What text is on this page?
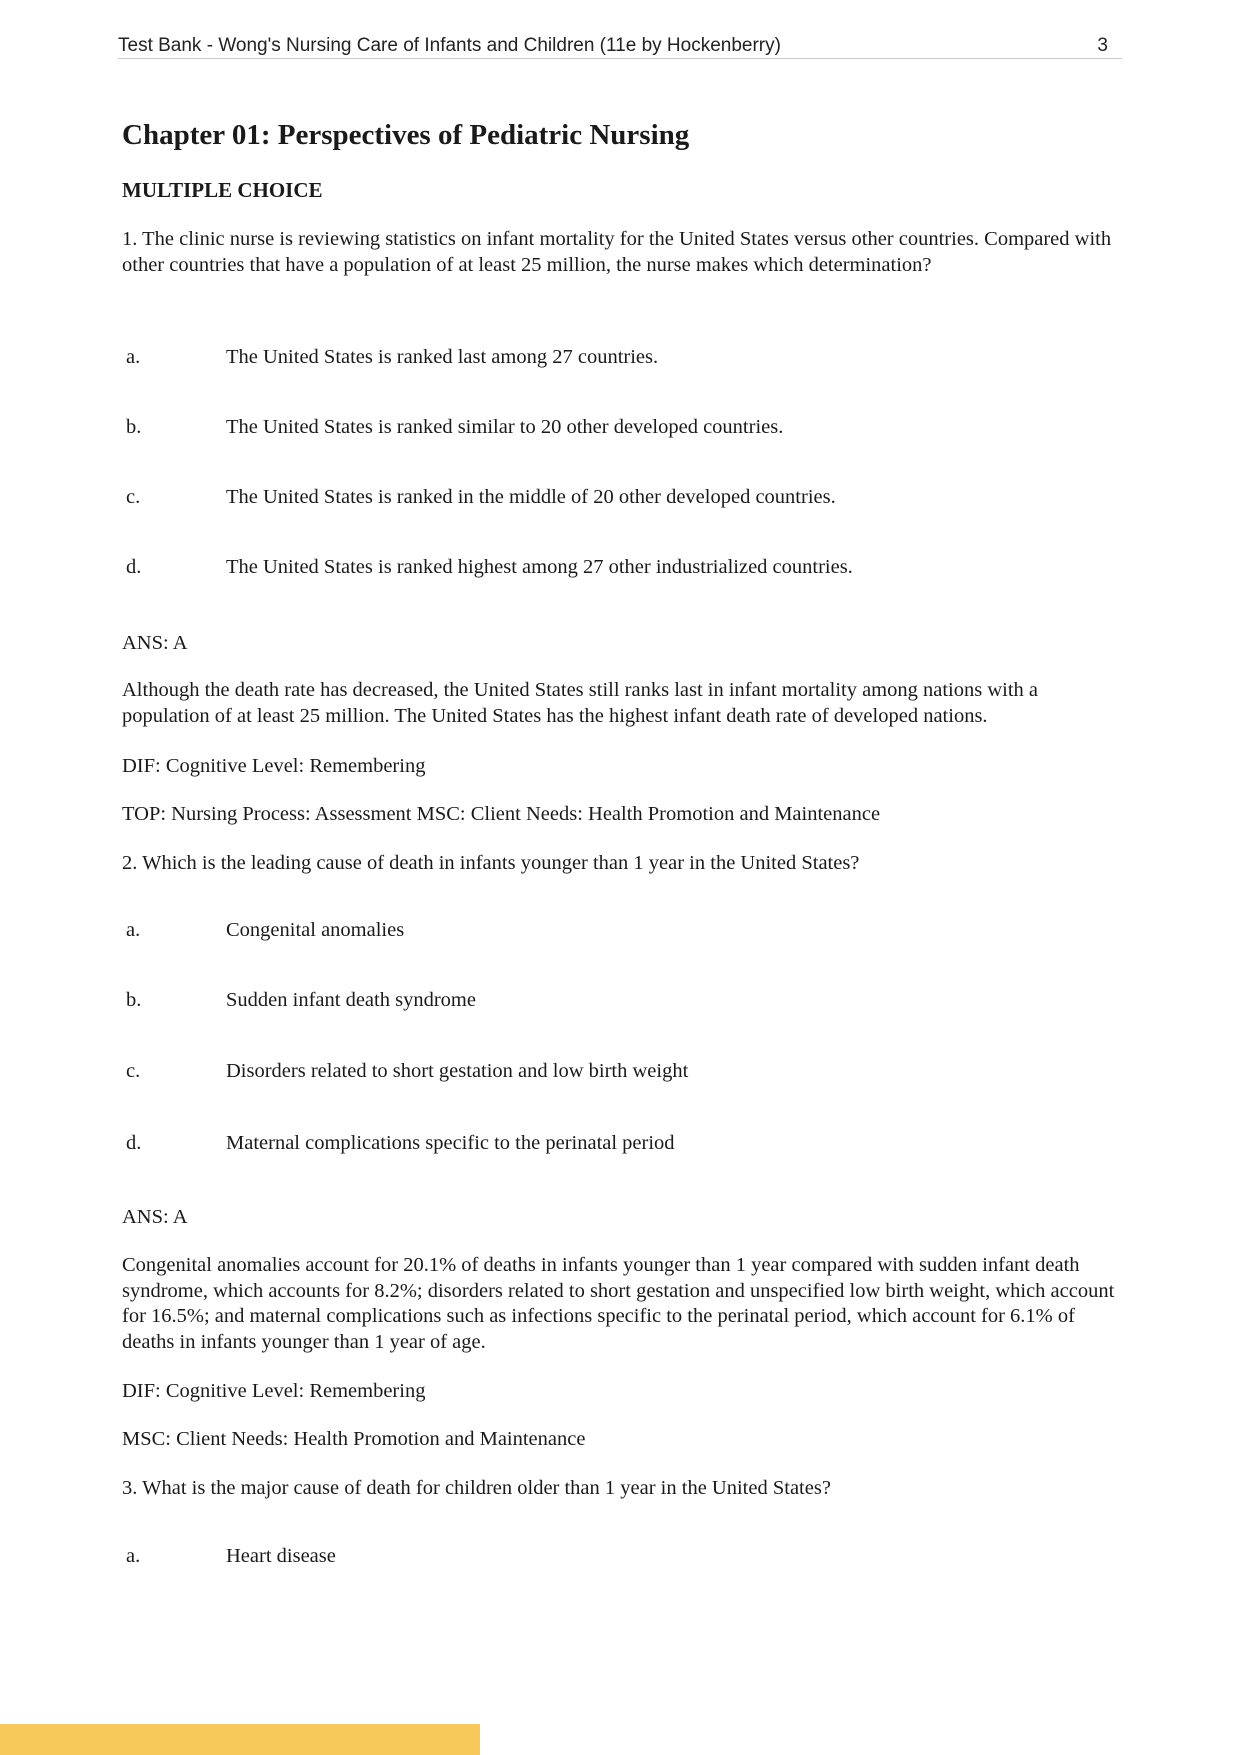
Test Bank - Wong's Nursing Care of Infants and Children (11e by Hockenberry)	3
Chapter 01: Perspectives of Pediatric Nursing
MULTIPLE CHOICE
1. The clinic nurse is reviewing statistics on infant mortality for the United States versus other countries. Compared with other countries that have a population of at least 25 million, the nurse makes which determination?
a.	The United States is ranked last among 27 countries.
b.	The United States is ranked similar to 20 other developed countries.
c.	The United States is ranked in the middle of 20 other developed countries.
d.	The United States is ranked highest among 27 other industrialized countries.
ANS: A
Although the death rate has decreased, the United States still ranks last in infant mortality among nations with a population of at least 25 million. The United States has the highest infant death rate of developed nations.
DIF: Cognitive Level: Remembering
TOP: Nursing Process: Assessment MSC: Client Needs: Health Promotion and Maintenance
2. Which is the leading cause of death in infants younger than 1 year in the United States?
a.	Congenital anomalies
b.	Sudden infant death syndrome
c.	Disorders related to short gestation and low birth weight
d.	Maternal complications specific to the perinatal period
ANS: A
Congenital anomalies account for 20.1% of deaths in infants younger than 1 year compared with sudden infant death syndrome, which accounts for 8.2%; disorders related to short gestation and unspecified low birth weight, which account for 16.5%; and maternal complications such as infections specific to the perinatal period, which account for 6.1% of deaths in infants younger than 1 year of age.
DIF: Cognitive Level: Remembering
MSC: Client Needs: Health Promotion and Maintenance
3. What is the major cause of death for children older than 1 year in the United States?
a.	Heart disease
